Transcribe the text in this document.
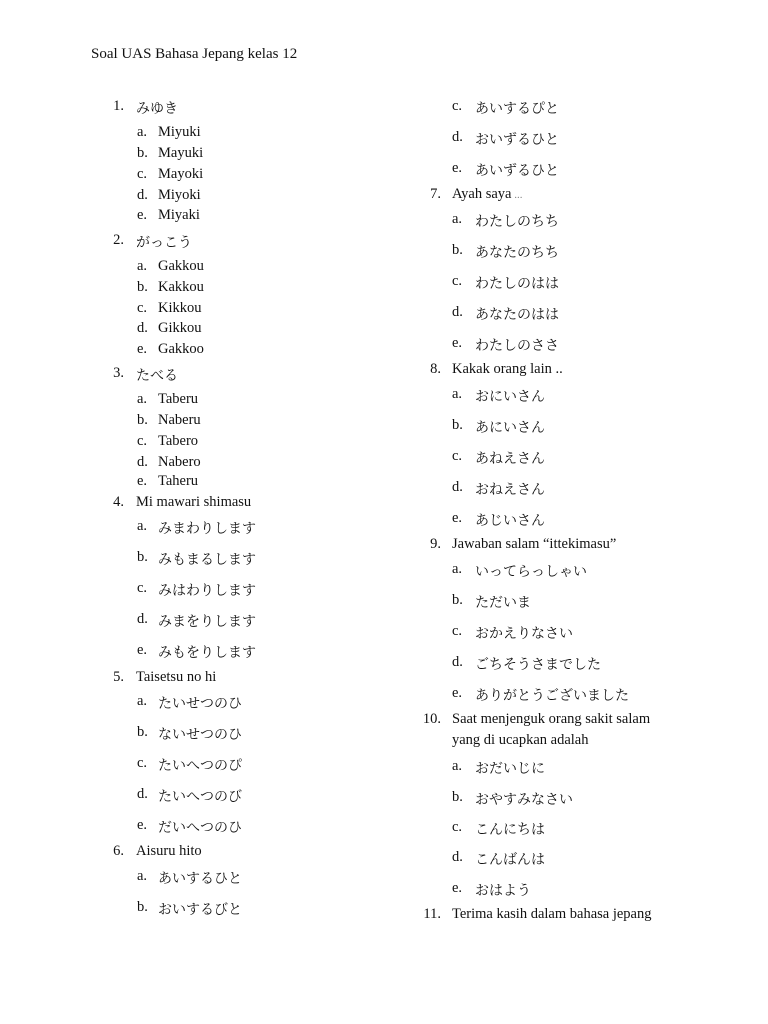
Soal UAS Bahasa Jepang kelas 12
1. みゆき
a. Miyuki
b. Mayuki
c. Mayoki
d. Miyoki
e. Miyaki
2. がっこう
a. Gakkou
b. Kakkou
c. Kikkou
d. Gikkou
e. Gakkoo
3. たべる
a. Taberu
b. Naberu
c. Tabero
d. Nabero
e. Taheru
4. Mi mawari shimasu
a. みまわりします
b. みもまるします
c. みはわりします
d. みまをりします
e. みもをりします
5. Taisetsu no hi
a. たいせつのひ
b. ないせつのひ
c. たいへつのぴ
d. たいへつのび
e. だいへつのひ
6. Aisuru hito
a. あいするひと
b. おいするびと
c. あいするぴと
d. おいずるひと
e. あいずるひと
7. Ayah saya ...
a. わたしのちち
b. あなたのちち
c. わたしのはは
d. あなたのはは
e. わたしのささ
8. Kakak orang lain ..
a. おにいさん
b. あにいさん
c. あねえさん
d. おねえさん
e. あじいさん
9. Jawaban salam “ittekimasu”
a. いってらっしゃい
b. ただいま
c. おかえりなさい
d. ごちそうさまでした
e. ありがとうございました
10. Saat menjenguk orang sakit salam
yang di ucapkan adalah
a. おだいじに
b. おやすみなさい
c. こんにちは
d. こんばんは
e. おはよう
11. Terima kasih dalam bahasa jepang
